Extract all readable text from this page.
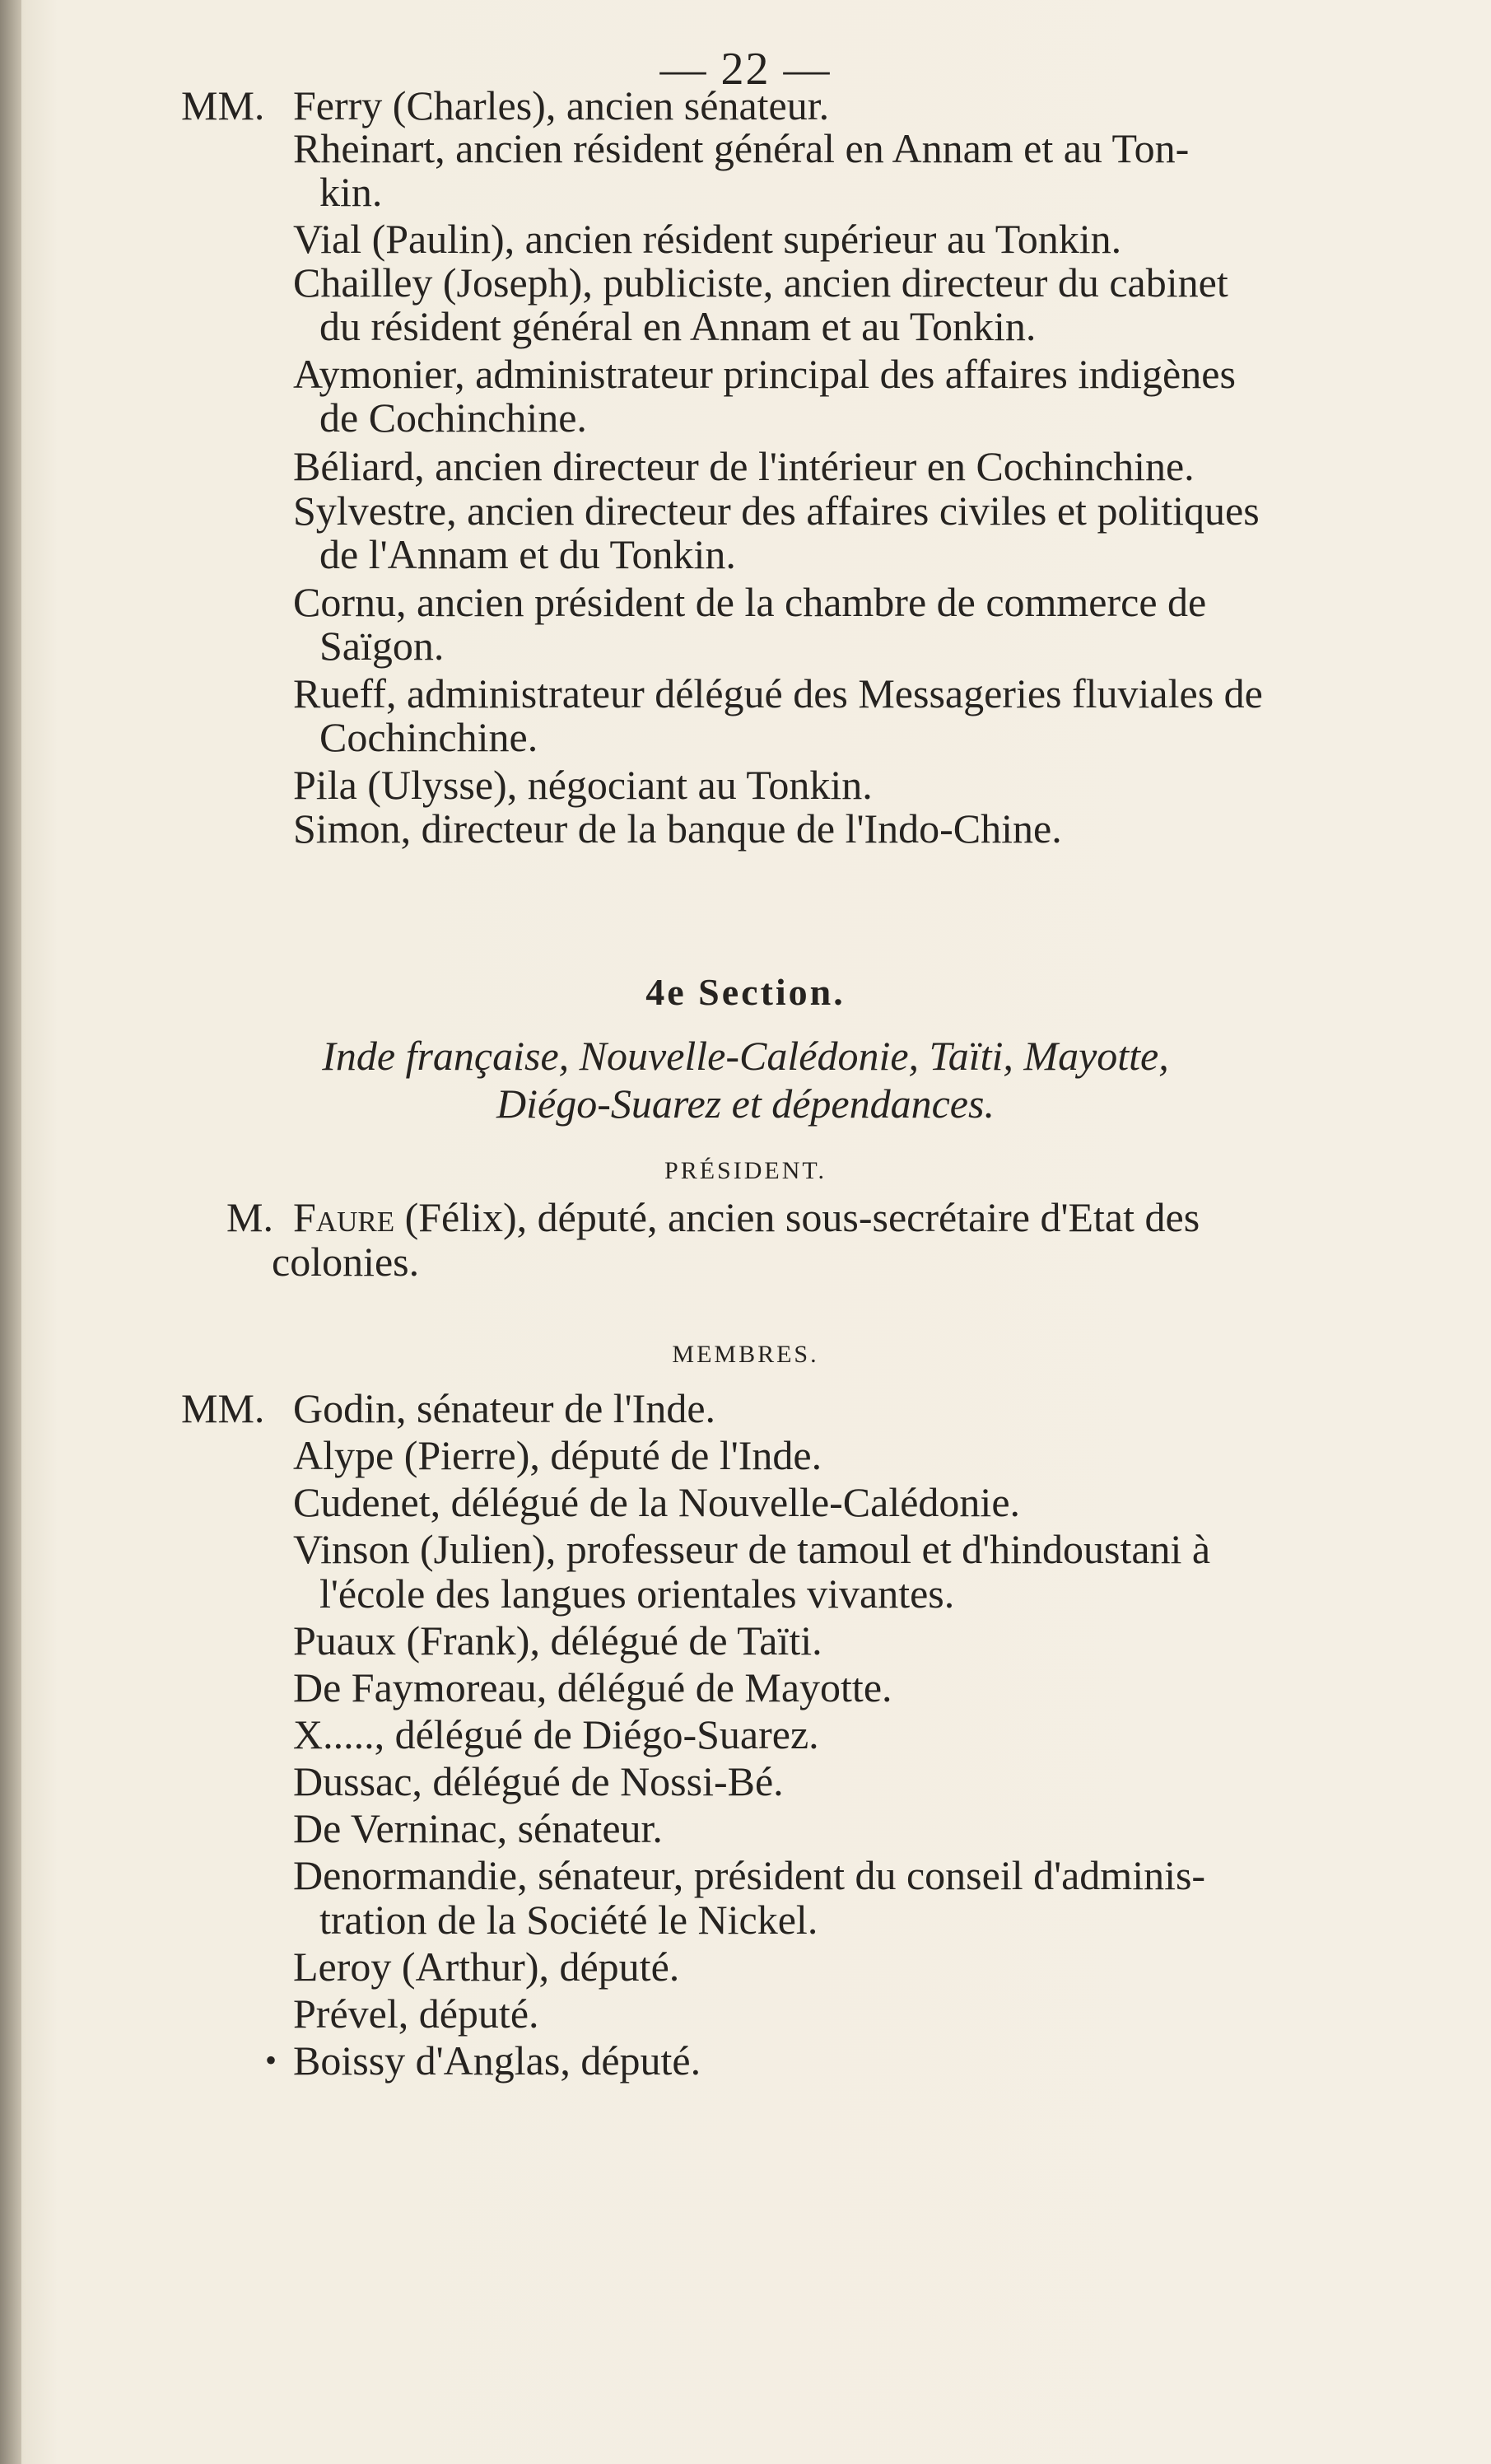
— 22 —
MM. Ferry (Charles), ancien sénateur.
Rheinart, ancien résident général en Annam et au Ton-
kin.
Vial (Paulin), ancien résident supérieur au Tonkin.
Chailley (Joseph), publiciste, ancien directeur du cabinet
du résident général en Annam et au Tonkin.
Aymonier, administrateur principal des affaires indigènes
de Cochinchine.
Béliard, ancien directeur de l'intérieur en Cochinchine.
Sylvestre, ancien directeur des affaires civiles et politiques
de l'Annam et du Tonkin.
Cornu, ancien président de la chambre de commerce de
Saïgon.
Rueff, administrateur délégué des Messageries fluviales de
Cochinchine.
Pila (Ulysse), négociant au Tonkin.
Simon, directeur de la banque de l'Indo-Chine.
4e Section.
Inde française, Nouvelle-Calédonie, Taïti, Mayotte,
Diégo-Suarez et dépendances.
PRÉSIDENT.
M. Faure (Félix), député, ancien sous-secrétaire d'Etat des
colonies.
MEMBRES.
MM. Godin, sénateur de l'Inde.
Alype (Pierre), député de l'Inde.
Cudenet, délégué de la Nouvelle-Calédonie.
Vinson (Julien), professeur de tamoul et d'hindoustani à
l'école des langues orientales vivantes.
Puaux (Frank), délégué de Taïti.
De Faymoreau, délégué de Mayotte.
X....., délégué de Diégo-Suarez.
Dussac, délégué de Nossi-Bé.
De Verninac, sénateur.
Denormandie, sénateur, président du conseil d'adminis-
tration de la Société le Nickel.
Leroy (Arthur), député.
Prével, député.
• Boissy d'Anglas, député.
